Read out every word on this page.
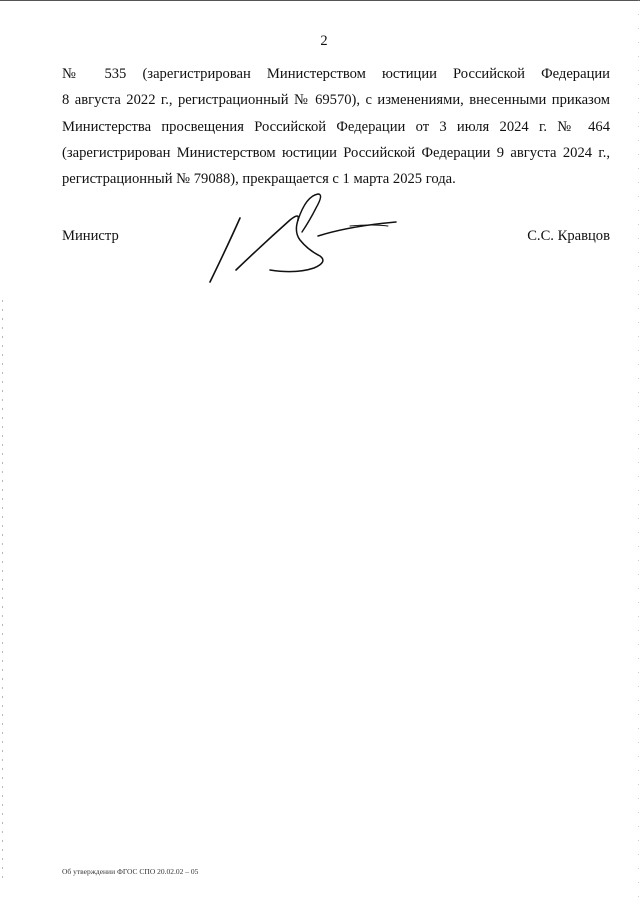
2
№ 535 (зарегистрирован Министерством юстиции Российской Федерации
8 августа 2022 г., регистрационный № 69570), с изменениями, внесенными приказом
Министерства просвещения Российской Федерации от 3 июля 2024 г. № 464
(зарегистрирован Министерством юстиции Российской Федерации 9 августа 2024 г.,
регистрационный № 79088), прекращается с 1 марта 2025 года.
Министр	С.С. Кравцов
Об утверждении ФГОС СПО 20.02.02 – 05
